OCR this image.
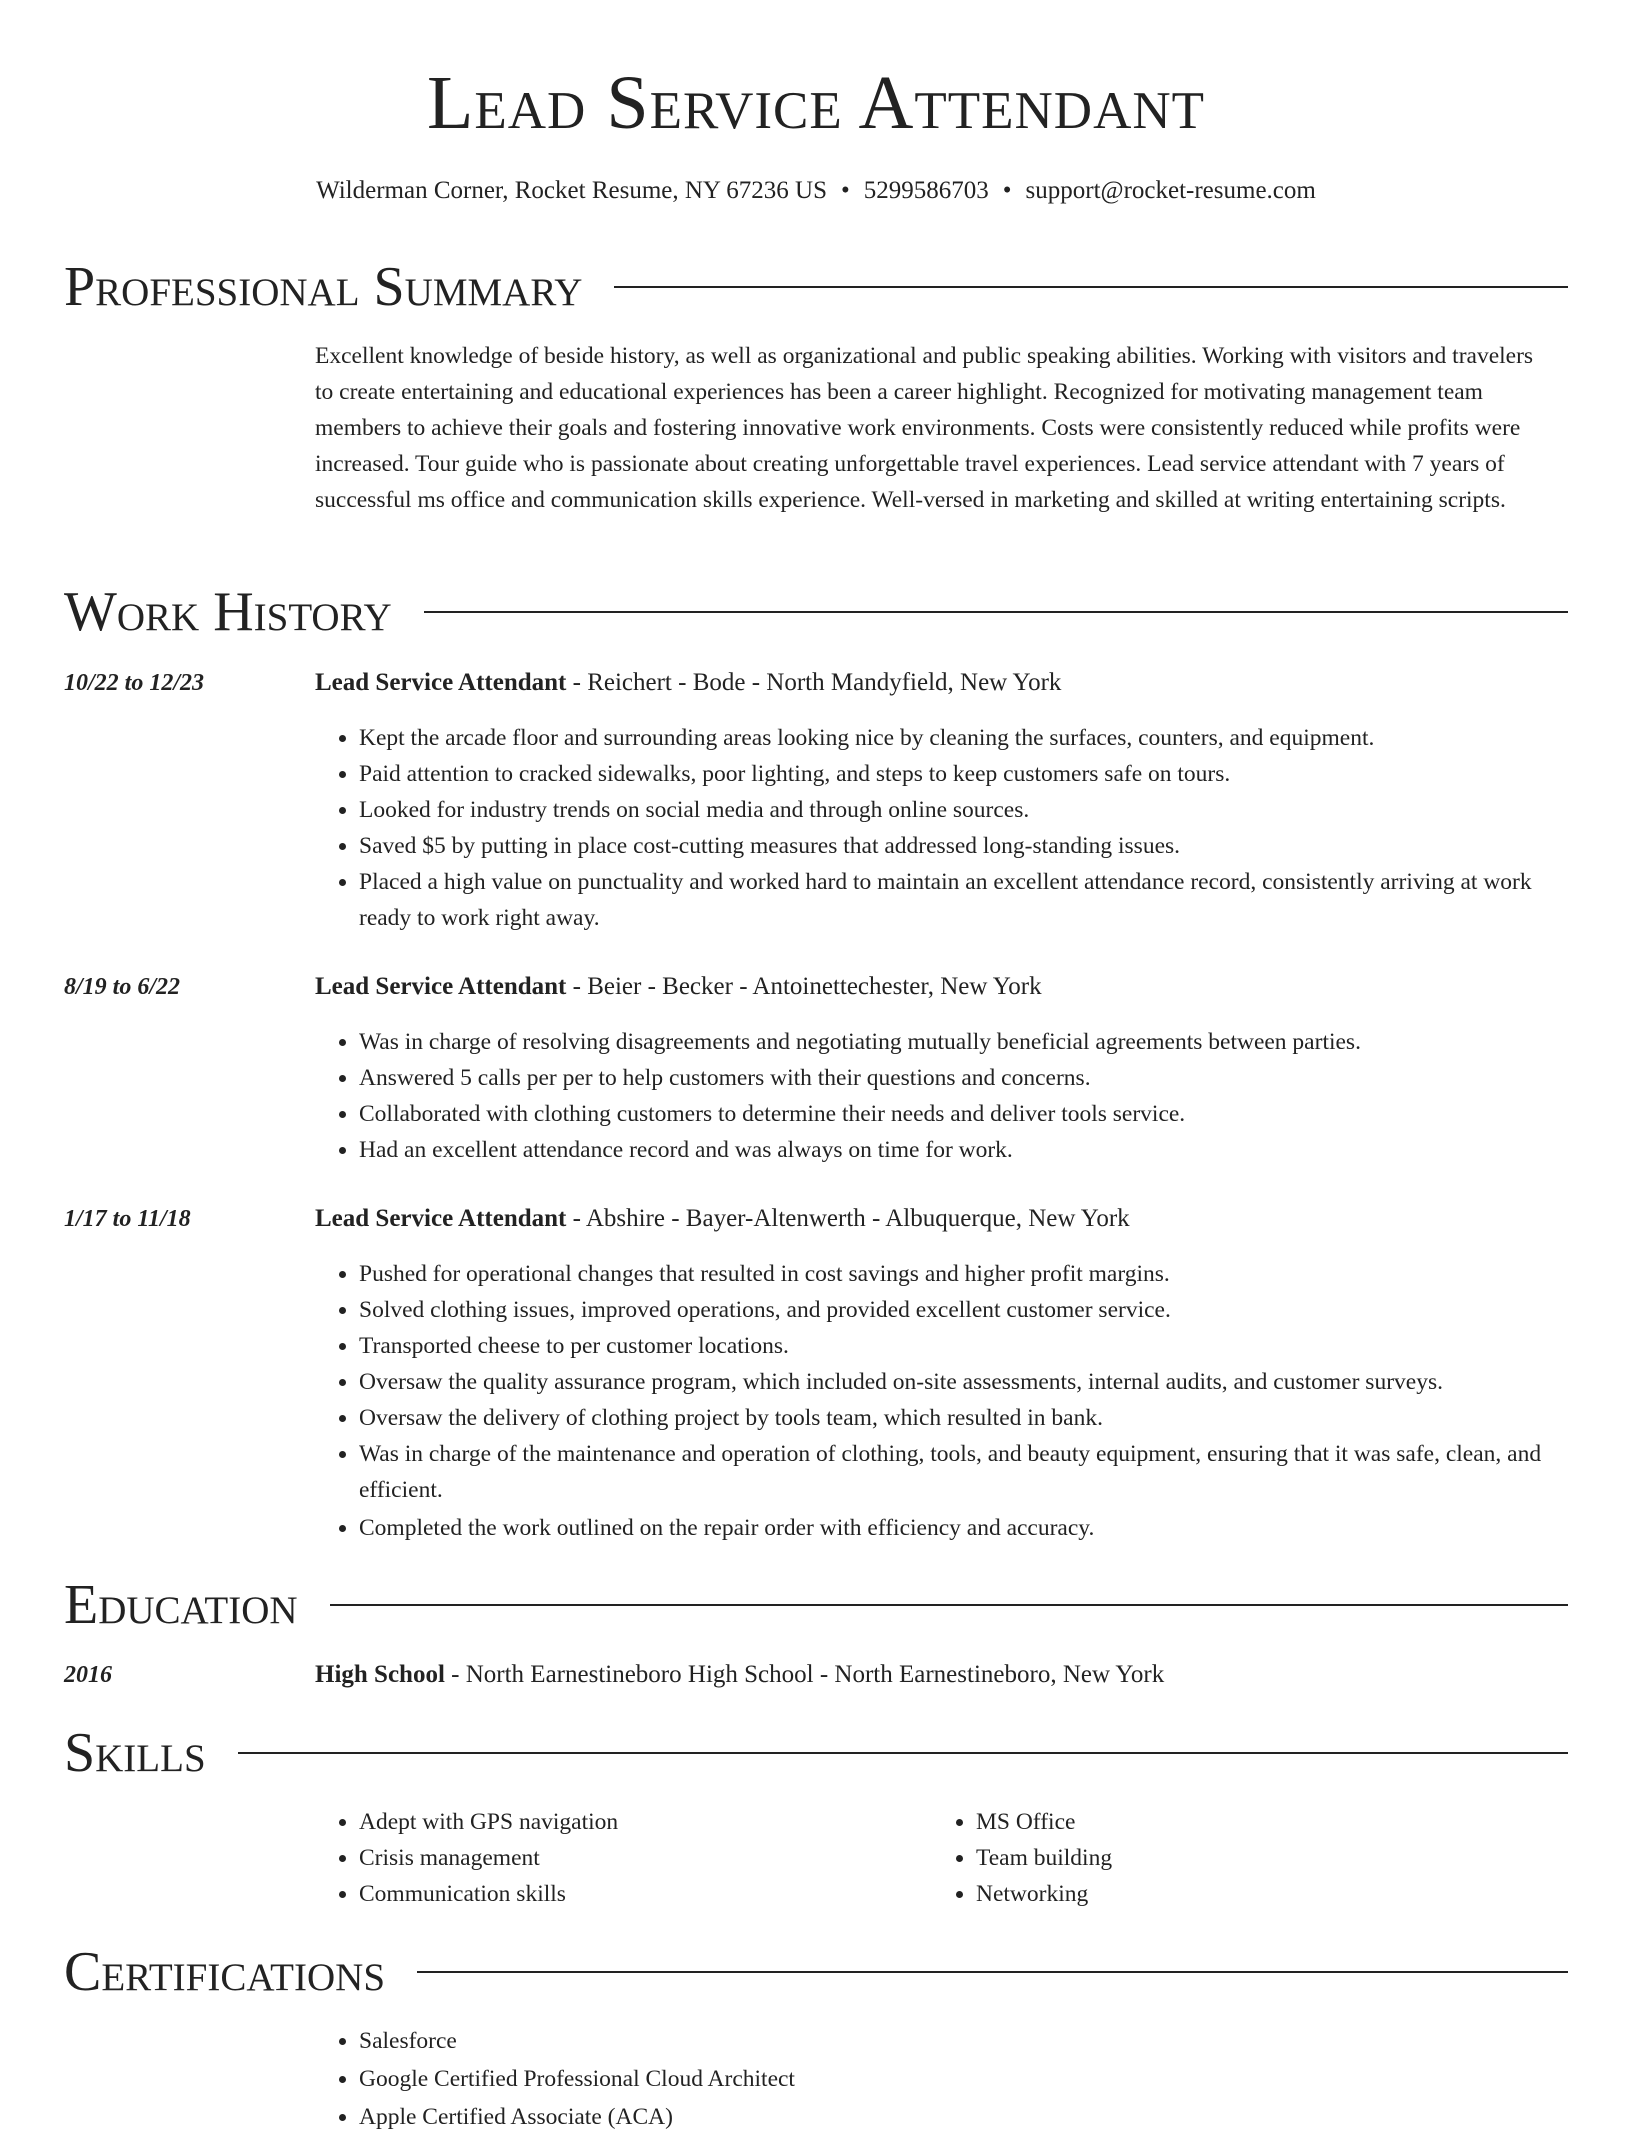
Lead Service Attendant
Wilderman Corner, Rocket Resume, NY 67236 US • 5299586703 • support@rocket-resume.com
Professional Summary

Excellent knowledge of beside history, as well as organizational and public speaking abilities. Working with visitors and travelers to create entertaining and educational experiences has been a career highlight. Recognized for motivating management team members to achieve their goals and fostering innovative work environments. Costs were consistently reduced while profits were increased. Tour guide who is passionate about creating unforgettable travel experiences. Lead service attendant with 7 years of successful ms office and communication skills experience. Well-versed in marketing and skilled at writing entertaining scripts.

Work History
10/22 to 12/23	Lead Service Attendant - Reichert - Bode - North Mandyfield, New York
• Kept the arcade floor and surrounding areas looking nice by cleaning the surfaces, counters, and equipment.
• Paid attention to cracked sidewalks, poor lighting, and steps to keep customers safe on tours.
• Looked for industry trends on social media and through online sources.
• Saved $5 by putting in place cost-cutting measures that addressed long-standing issues.
• Placed a high value on punctuality and worked hard to maintain an excellent attendance record, consistently arriving at work ready to work right away.
8/19 to 6/22	Lead Service Attendant - Beier - Becker - Antoinettechester, New York
• Was in charge of resolving disagreements and negotiating mutually beneficial agreements between parties.
• Answered 5 calls per per to help customers with their questions and concerns.
• Collaborated with clothing customers to determine their needs and deliver tools service.
• Had an excellent attendance record and was always on time for work.
1/17 to 11/18	Lead Service Attendant - Abshire - Bayer-Altenwerth - Albuquerque, New York
• Pushed for operational changes that resulted in cost savings and higher profit margins.
• Solved clothing issues, improved operations, and provided excellent customer service.
• Transported cheese to per customer locations.
• Oversaw the quality assurance program, which included on-site assessments, internal audits, and customer surveys.
• Oversaw the delivery of clothing project by tools team, which resulted in bank.
• Was in charge of the maintenance and operation of clothing, tools, and beauty equipment, ensuring that it was safe, clean, and efficient.
• Completed the work outlined on the repair order with efficiency and accuracy.
Education
2016	High School - North Earnestineboro High School - North Earnestineboro, New York
Skills
• Adept with GPS navigation
• Crisis management
• Communication skills
• MS Office
• Team building
• Networking
Certifications
• Salesforce
• Google Certified Professional Cloud Architect
• Apple Certified Associate (ACA)
